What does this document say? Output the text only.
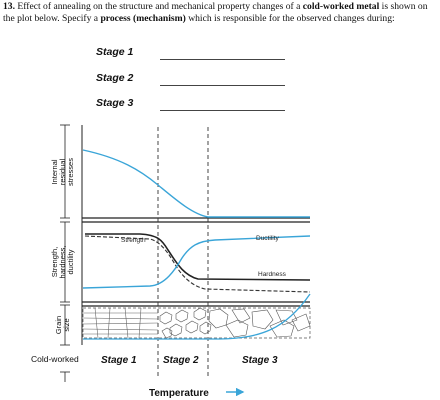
13. Effect of annealing on the structure and mechanical property changes of a cold-worked metal is shown on the plot below. Specify a process (mechanism) which is responsible for the observed changes during:
Stage 1
Stage 2
Stage 3
Internal residual stresses
Strength, hardness, ductility
Grain size
Strength	Ductility
Hardness
Cold-worked Stage 1	Stage 2	Stage 3
Temperature
